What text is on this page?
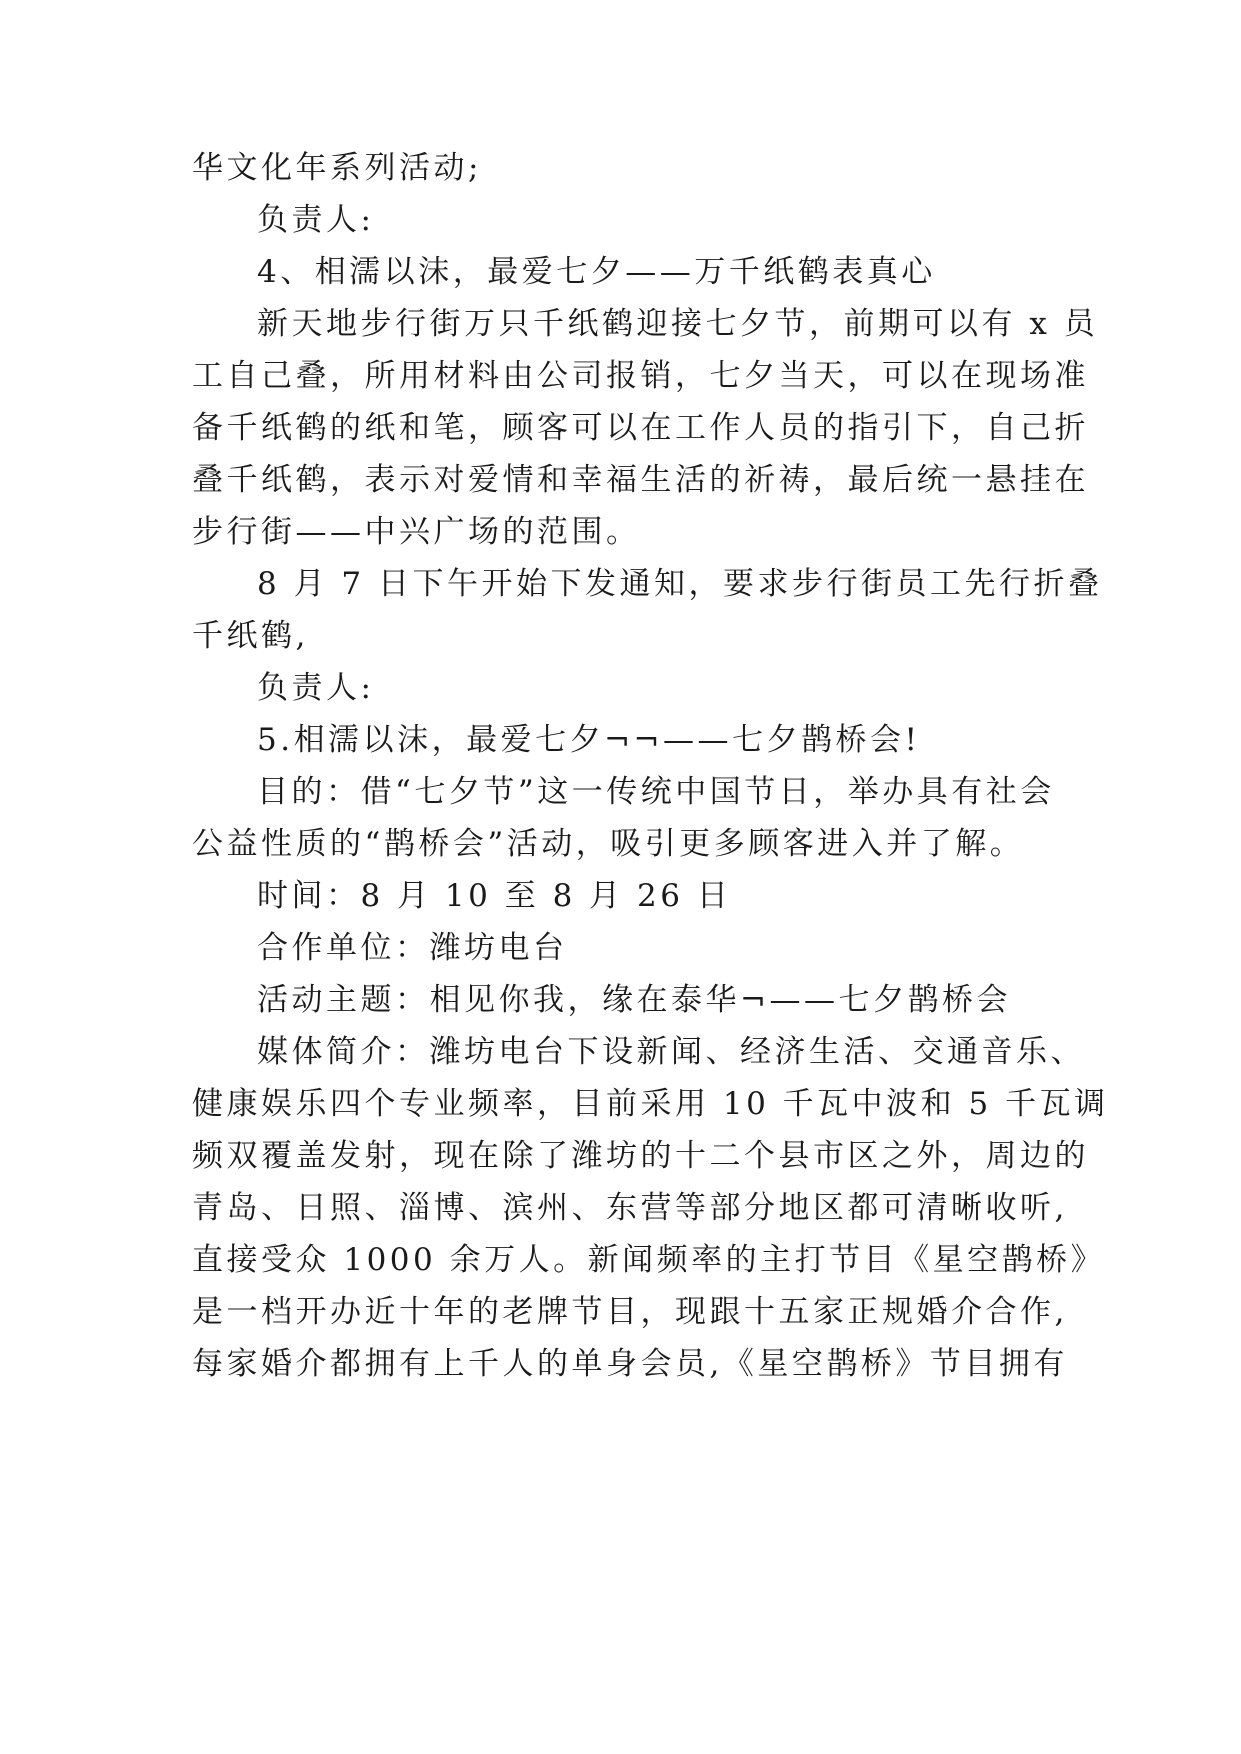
华文化年系列活动;
负责人:
4、相濡以沫，最爱七夕——万千纸鹤表真心
新天地步行街万只千纸鹤迎接七夕节，前期可以有 x 员
工自己叠，所用材料由公司报销，七夕当天，可以在现场准
备千纸鹤的纸和笔，顾客可以在工作人员的指引下，自己折
叠千纸鹤，表示对爱情和幸福生活的祈祷，最后统一悬挂在
步行街——中兴广场的范围。
8 月 7 日下午开始下发通知，要求步行街员工先行折叠
千纸鹤,
负责人:
5.相濡以沫，最爱七夕¬¬——七夕鹊桥会!
目的：借“七夕节”这一传统中国节日，举办具有社会
公益性质的“鹊桥会”活动，吸引更多顾客进入并了解。
时间：8 月 10 至 8 月 26 日
合作单位：潍坊电台
活动主题：相见你我，缘在泰华¬——七夕鹊桥会
媒体简介：潍坊电台下设新闻、经济生活、交通音乐、
健康娱乐四个专业频率，目前采用 10 千瓦中波和 5 千瓦调
频双覆盖发射，现在除了潍坊的十二个县市区之外，周边的
青岛、日照、淄博、滨州、东营等部分地区都可清晰收听,
直接受众 1000 余万人。新闻频率的主打节目《星空鹊桥》
是一档开办近十年的老牌节目，现跟十五家正规婚介合作,
每家婚介都拥有上千人的单身会员,《星空鹊桥》节目拥有
